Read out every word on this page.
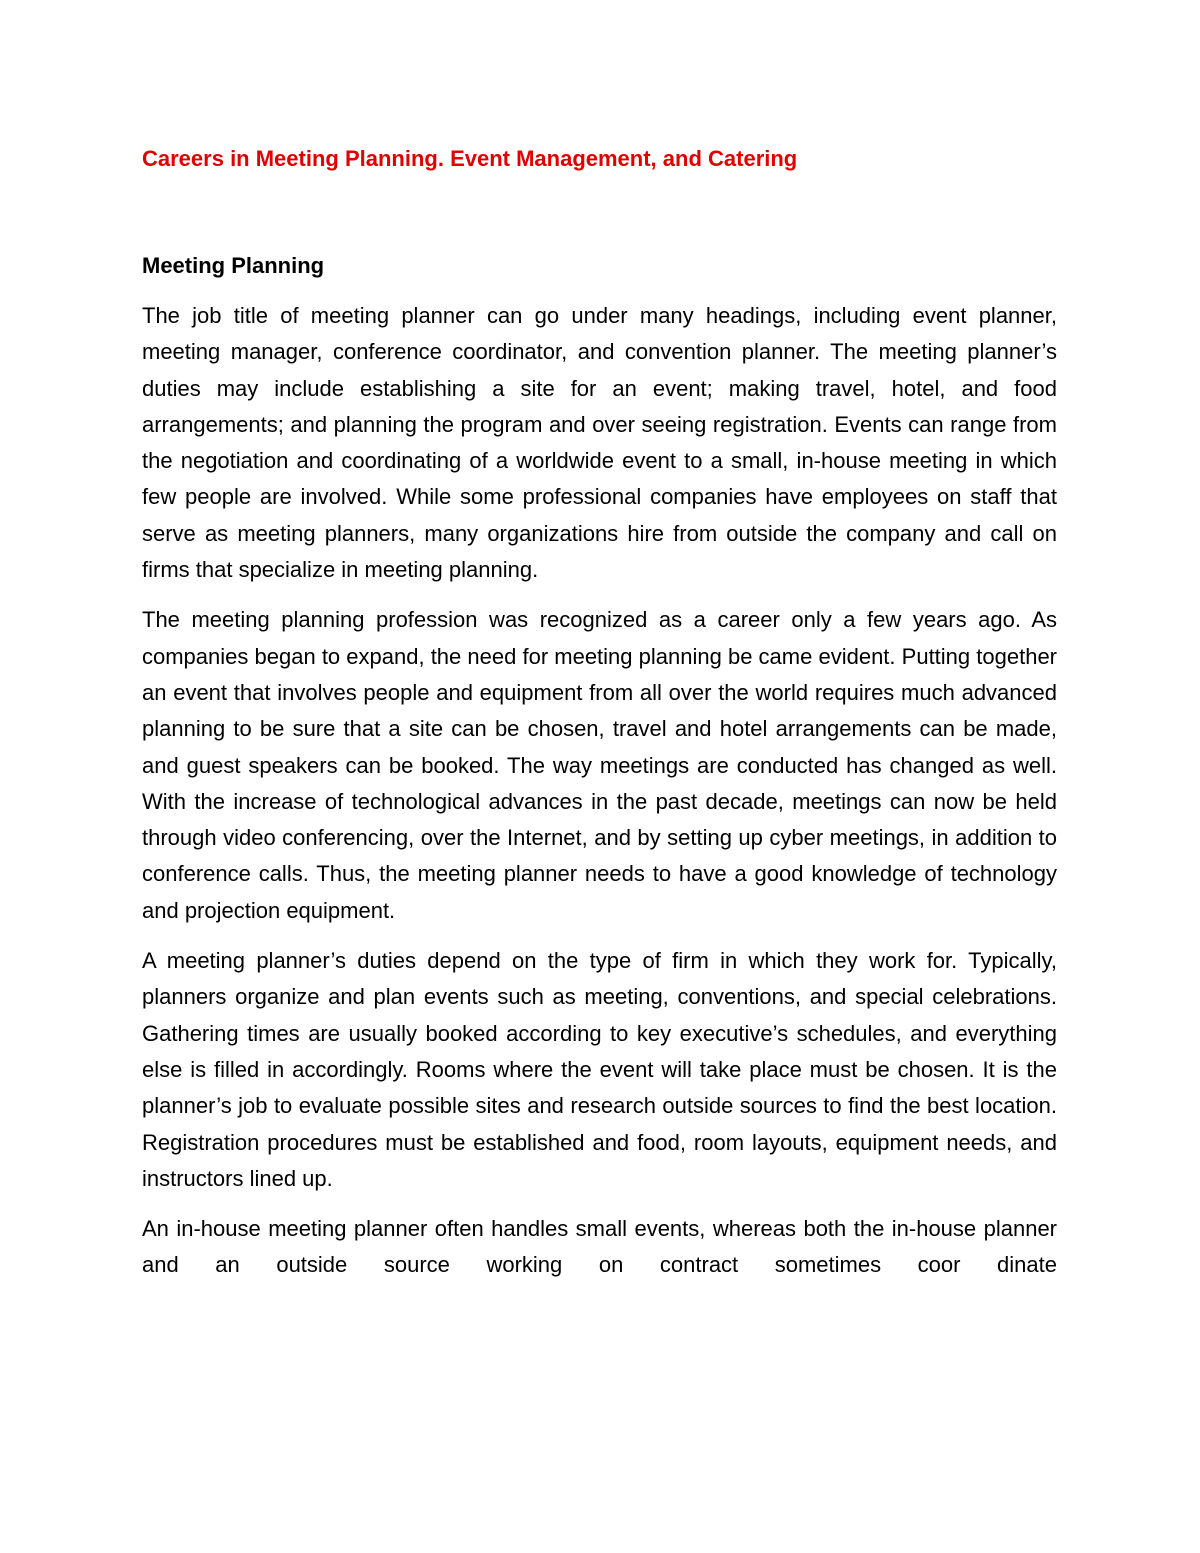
Careers in Meeting Planning. Event Management, and Catering
Meeting Planning

The job title of meeting planner can go under many headings, including event planner, meeting manager, conference coordinator, and convention planner. The meeting planner’s duties may include establishing a site for an event; making travel, hotel, and food arrangements; and planning the program and over seeing registration. Events can range from the negotiation and coordinating of a worldwide event to a small, in-house meeting in which few people are involved. While some professional companies have employees on staff that serve as meeting planners, many organizations hire from outside the company and call on firms that specialize in meeting planning.

The meeting planning profession was recognized as a career only a few years ago. As companies began to expand, the need for meeting planning be came evident. Putting together an event that involves people and equipment from all over the world requires much advanced planning to be sure that a site can be chosen, travel and hotel arrangements can be made, and guest speakers can be booked. The way meetings are conducted has changed as well. With the increase of technological advances in the past decade, meetings can now be held through video conferencing, over the Internet, and by setting up cyber meetings, in addition to conference calls. Thus, the meeting planner needs to have a good knowledge of technology and projection equipment.

A meeting planner’s duties depend on the type of firm in which they work for. Typically, planners organize and plan events such as meeting, conventions, and special celebrations. Gathering times are usually booked according to key executive’s schedules, and everything else is filled in accordingly. Rooms where the event will take place must be chosen. It is the planner’s job to evaluate possible sites and research outside sources to find the best location. Registration procedures must be established and food, room layouts, equipment needs, and instructors lined up.

An in-house meeting planner often handles small events, whereas both the in-house planner and an outside source working on contract sometimes coor dinate
